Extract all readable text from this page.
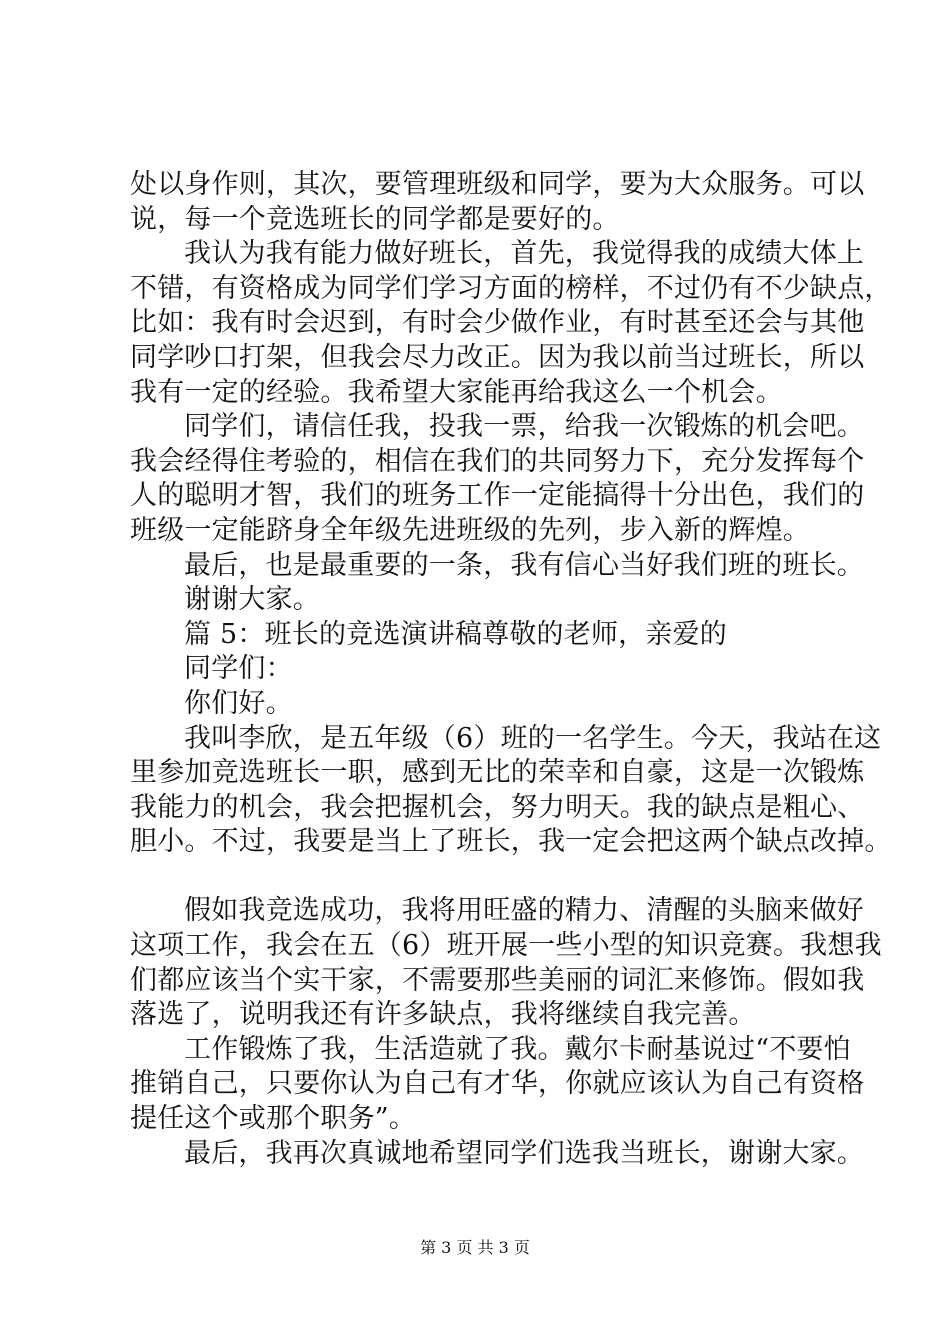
处以身作则，其次，要管理班级和同学，要为大众服务。可以
说，每一个竞选班长的同学都是要好的。
我认为我有能力做好班长，首先，我觉得我的成绩大体上
不错，有资格成为同学们学习方面的榜样，不过仍有不少缺点，
比如：我有时会迟到，有时会少做作业，有时甚至还会与其他
同学吵口打架，但我会尽力改正。因为我以前当过班长，所以
我有一定的经验。我希望大家能再给我这么一个机会。
同学们，请信任我，投我一票，给我一次锻炼的机会吧。
我会经得住考验的，相信在我们的共同努力下，充分发挥每个
人的聪明才智，我们的班务工作一定能搞得十分出色，我们的
班级一定能跻身全年级先进班级的先列，步入新的辉煌。
最后，也是最重要的一条，我有信心当好我们班的班长。
谢谢大家。
篇 5：班长的竞选演讲稿尊敬的老师，亲爱的
同学们：
你们好。
我叫李欣，是五年级（6）班的一名学生。今天，我站在这
里参加竞选班长一职，感到无比的荣幸和自豪，这是一次锻炼
我能力的机会，我会把握机会，努力明天。我的缺点是粗心、
胆小。不过，我要是当上了班长，我一定会把这两个缺点改掉。
假如我竞选成功，我将用旺盛的精力、清醒的头脑来做好
这项工作，我会在五（6）班开展一些小型的知识竞赛。我想我
们都应该当个实干家，不需要那些美丽的词汇来修饰。假如我
落选了，说明我还有许多缺点，我将继续自我完善。
工作锻炼了我，生活造就了我。戴尔卡耐基说过“不要怕
推销自己，只要你认为自己有才华，你就应该认为自己有资格
提任这个或那个职务”。
最后，我再次真诚地希望同学们选我当班长，谢谢大家。
第 3 页 共 3 页
